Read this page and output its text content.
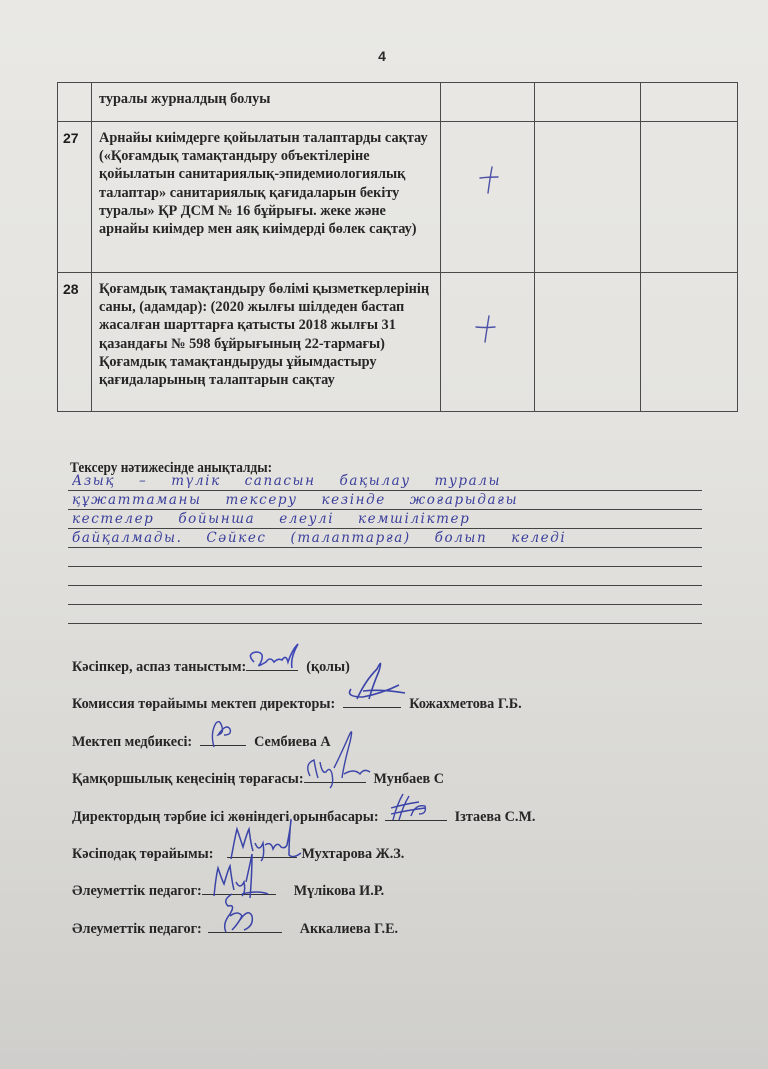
4

	туралы журналдың болуы			

27	Арнайы киімдерге қойылатын талаптарды сақтау («Қоғамдық тамақтандыру объектілеріне қойылатын санитариялық-эпидемиологиялық талаптар» санитариялық қағидаларын бекіту туралы» ҚР ДСМ № 16 бұйрығы. жеке және арнайы киімдер мен аяқ киімдерді бөлек сақтау)

28	Қоғамдық тамақтандыру бөлімі қызметкерлерінің саны, (адамдар): (2020 жылғы шілдеден бастап жасалған шарттарға қатысты 2018 жылғы 31 қазандағы № 598 бұйрығының 22-тармағы) Қоғамдық тамақтандыруды ұйымдастыру қағидаларының талаптарын сақтау

Тексеру нәтижесінде анықталды:
Азық – түлік сапасын бақылау туралы
құжаттаманы тексеру кезінде жоғарыдағы
кестелер бойынша елеулі кемшіліктер
байқалмады. Сәйкес (талаптарға) болып келеді
Кәсіпкер, аспаз таныстым:	(қолы)
Комиссия төрайымы мектеп директоры:	Кожахметова Г.Б.
Мектеп медбикесі:	Сембиева А
Қамқоршылық кеңесінің төрағасы:	Мунбаев С
Директордың тәрбие ісі жөніндегі орынбасары:	Ізтаева С.М.
Кәсіподақ төрайымы:	Мухтарова Ж.З.
Әлеуметтік педагог:	Мүлікова И.Р.
Әлеуметтік педагог:	Аккалиева Г.Е.
